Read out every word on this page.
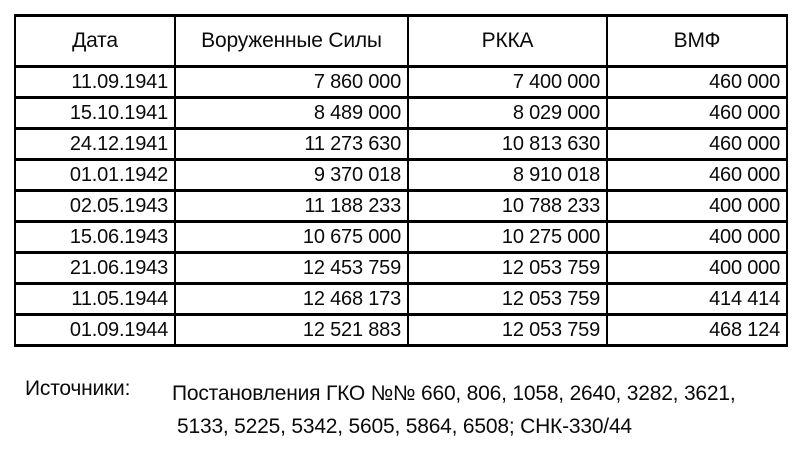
Дата	Воруженные Силы	РККА	ВМФ
11.09.1941	7 860 000	7 400 000	460 000
15.10.1941	8 489 000	8 029 000	460 000
24.12.1941	11 273 630	10 813 630	460 000
01.01.1942	9 370 018	8 910 018	460 000
02.05.1943	11 188 233	10 788 233	400 000
15.06.1943	10 675 000	10 275 000	400 000
21.06.1943	12 453 759	12 053 759	400 000
11.05.1944	12 468 173	12 053 759	414 414
01.09.1944	12 521 883	12 053 759	468 124
Источники:	Постановления ГКО №№ 660, 806, 1058, 2640, 3282, 3621,
5133, 5225, 5342, 5605, 5864, 6508; СНК-330/44
